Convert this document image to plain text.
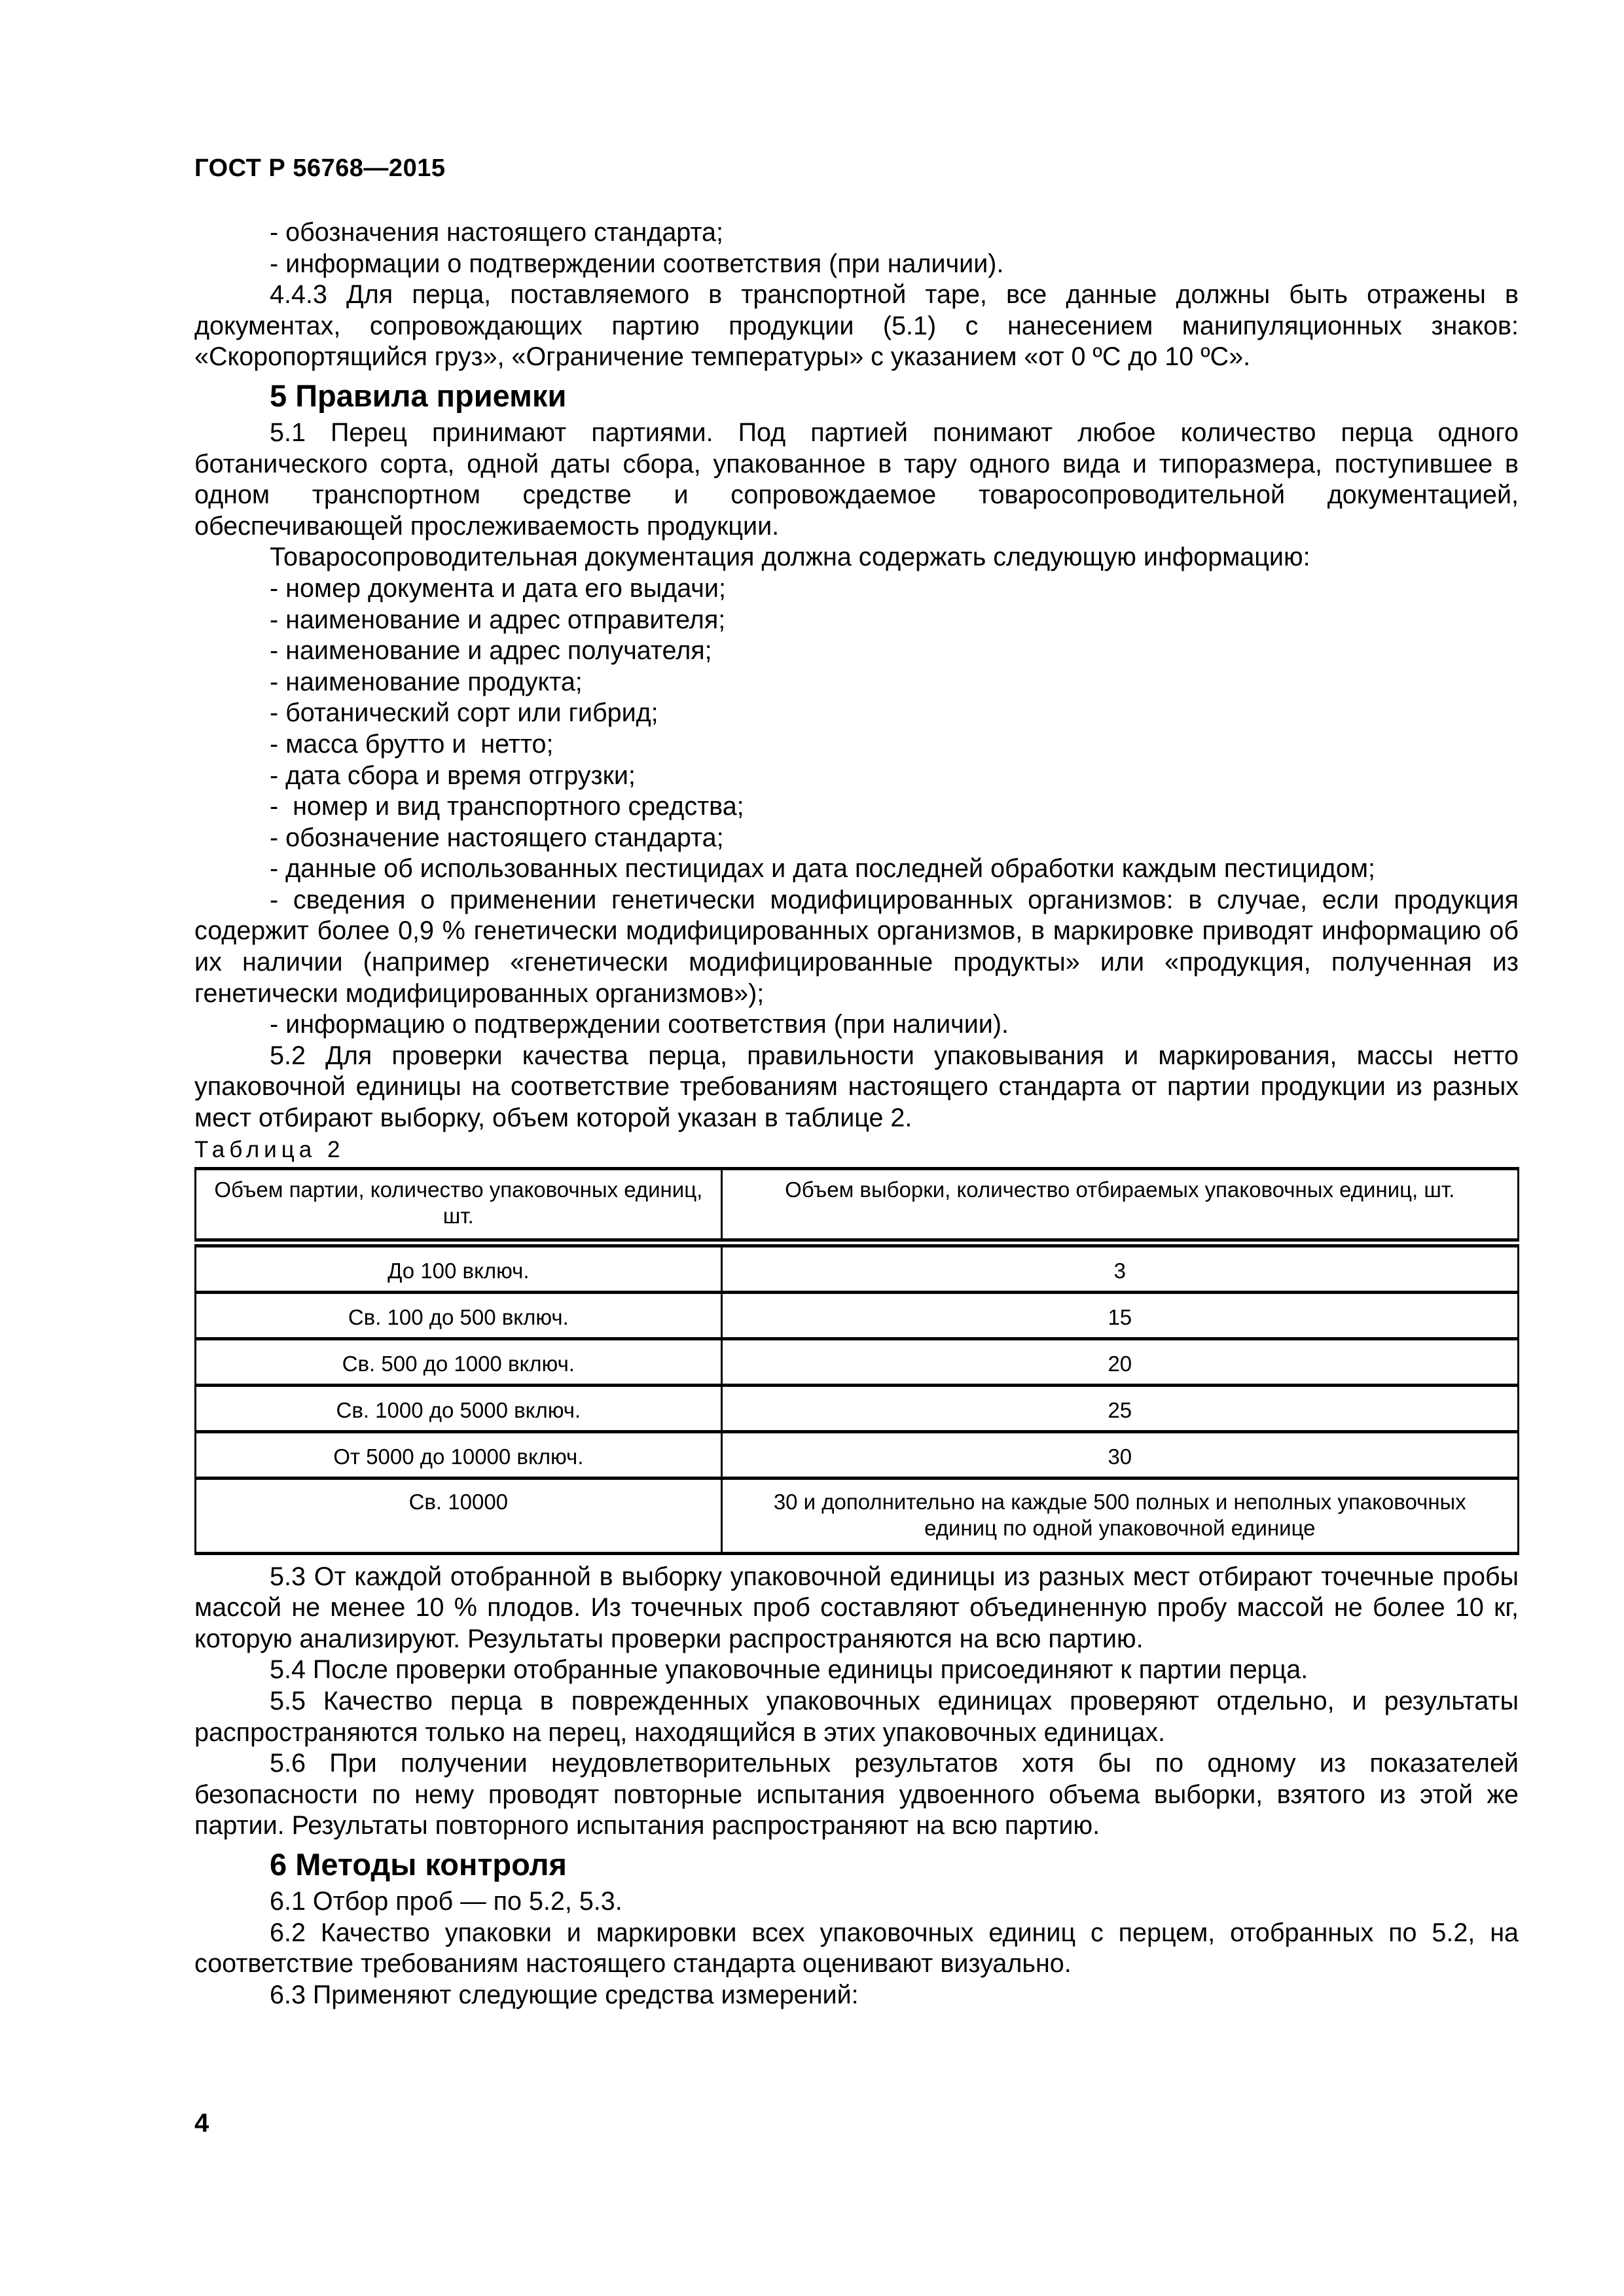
ГОСТ Р 56768—2015

- обозначения настоящего стандарта;

- информации о подтверждении соответствия (при наличии).

4.4.3 Для перца, поставляемого в транспортной таре, все данные должны быть отражены в документах, сопровождающих партию продукции (5.1) с нанесением манипуляционных знаков: «Скоропортящийся груз», «Ограничение температуры» с указанием «от 0 ºС до 10 ºС».

5 Правила приемки

5.1 Перец принимают партиями. Под партией понимают любое количество перца одного ботанического сорта, одной даты сбора, упакованное в тару одного вида и типоразмера, поступившее в одном транспортном средстве и сопровождаемое товаросопроводительной документацией, обеспечивающей прослеживаемость продукции.

Товаросопроводительная документация должна содержать следующую информацию:

- номер документа и дата его выдачи;

- наименование и адрес отправителя;

- наименование и адрес получателя;

- наименование продукта;

- ботанический сорт или гибрид;

- масса брутто и  нетто;

- дата сбора и время отгрузки;

-  номер и вид транспортного средства;

- обозначение настоящего стандарта;

- данные об использованных пестицидах и дата последней обработки каждым пестицидом;

- сведения о применении генетически модифицированных организмов: в случае, если продукция содержит более 0,9 % генетически модифицированных организмов, в маркировке приводят информацию об их наличии (например «генетически модифицированные продукты» или «продукция, полученная из генетически модифицированных организмов»);

- информацию о подтверждении соответствия (при наличии).

5.2 Для проверки качества перца, правильности упаковывания и маркирования, массы нетто упаковочной единицы на соответствие требованиям настоящего стандарта от партии продукции из разных мест отбирают выборку, объем которой указан в таблице 2.

Таблица 2

Объем партии, количество упаковочных единиц, шт.	Объем выборки, количество отбираемых упаковочных единиц, шт.
До 100 включ.	3
Св. 100 до 500 включ.	15
Св. 500 до 1000 включ.	20
Св. 1000 до 5000 включ.	25
От 5000 до 10000 включ.	30
Св. 10000	30 и дополнительно на каждые 500 полных и неполных упаковочных единиц по одной упаковочной единице

5.3 От каждой отобранной в выборку упаковочной единицы из разных мест отбирают точечные пробы массой не менее 10 % плодов. Из точечных проб составляют объединенную пробу массой не более 10 кг, которую анализируют. Результаты проверки распространяются на всю партию.

5.4 После проверки отобранные упаковочные единицы присоединяют к партии перца.

5.5 Качество перца в поврежденных упаковочных единицах проверяют отдельно, и результаты распространяются только на перец, находящийся в этих упаковочных единицах.

5.6 При получении неудовлетворительных результатов хотя бы по одному из показателей безопасности по нему проводят повторные испытания удвоенного объема выборки, взятого из этой же партии. Результаты повторного испытания распространяют на всю партию.

6 Методы контроля

6.1 Отбор проб — по 5.2, 5.3.

6.2 Качество упаковки и маркировки всех упаковочных единиц с перцем, отобранных по 5.2, на соответствие требованиям настоящего стандарта оценивают визуально.

6.3 Применяют следующие средства измерений:

4
